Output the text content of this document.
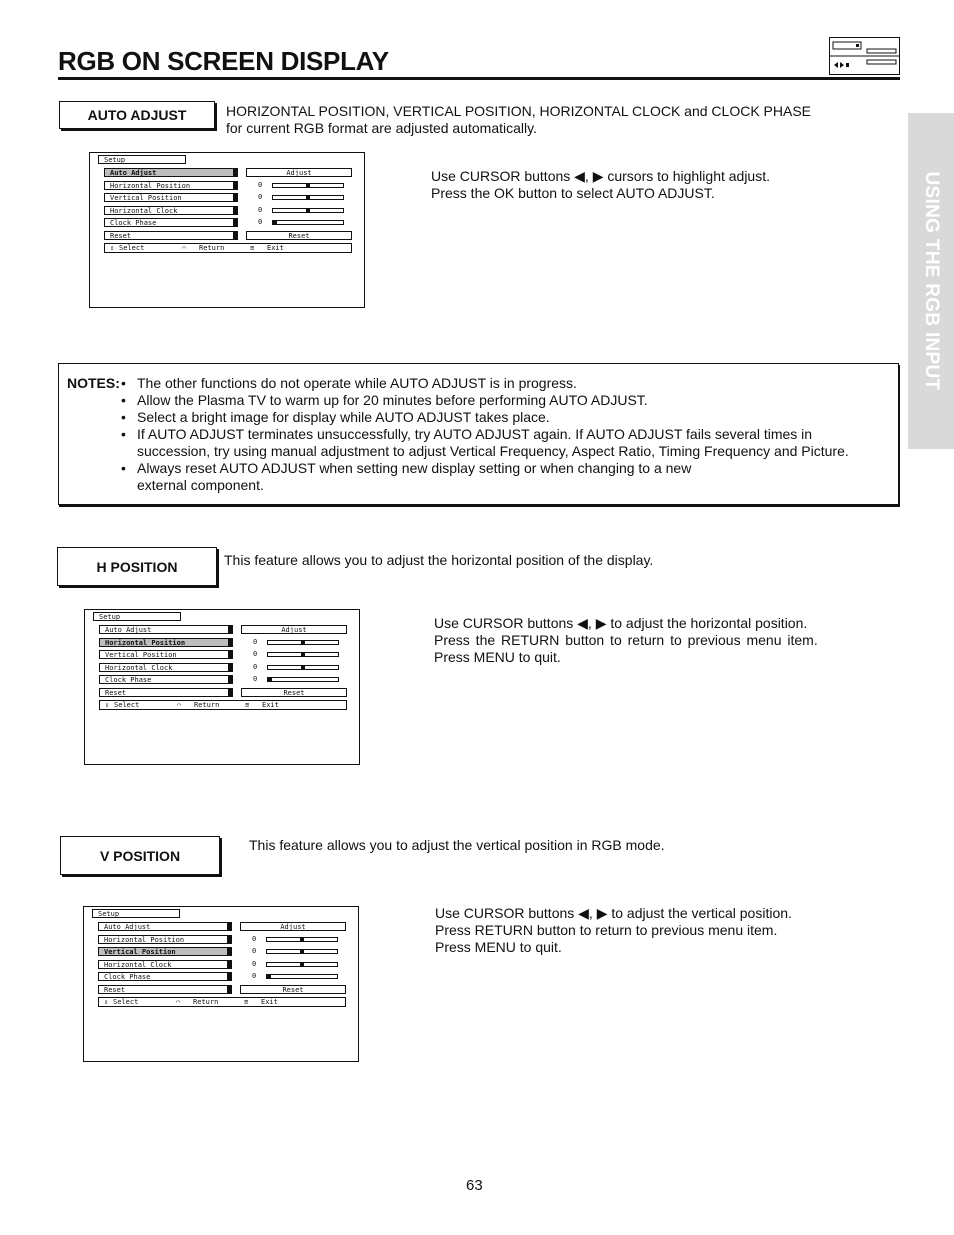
RGB ON SCREEN DISPLAY
USING THE RGB INPUT
AUTO ADJUST	HORIZONTAL POSITION, VERTICAL POSITION, HORIZONTAL CLOCK and CLOCK PHASE
for current RGB format are adjusted automatically.
Use CURSOR buttons ◀, ▶ cursors to highlight adjust.
Press the OK button to select AUTO ADJUST.
Setup
Auto Adjust	Adjust
Horizontal Position	0
Vertical Position	0
Horizontal Clock	0
Clock Phase	0
Reset	Reset
⇕ Select	⌒ Return	≡ Exit
NOTES: • The other functions do not operate while AUTO ADJUST is in progress.
• Allow the Plasma TV to warm up for 20 minutes before performing AUTO ADJUST.
• Select a bright image for display while AUTO ADJUST takes place.
• If AUTO ADJUST terminates unsuccessfully, try AUTO ADJUST again. If AUTO ADJUST fails several times in
succession, try using manual adjustment to adjust Vertical Frequency, Aspect Ratio, Timing Frequency and Picture.
• Always reset AUTO ADJUST when setting new display setting or when changing to a new
external component.
H POSITION	This feature allows you to adjust the horizontal position of the display.
Use CURSOR buttons ◀, ▶ to adjust the horizontal position.
Press the RETURN button to return to previous menu item.
Press MENU to quit.
Setup
Auto Adjust	Adjust
Horizontal Position	0
Vertical Position	0
Horizontal Clock	0
Clock Phase	0
Reset	Reset
⇕ Select	⌒ Return	≡ Exit
V POSITION
This feature allows you to adjust the vertical position in RGB mode.
Use CURSOR buttons ◀, ▶ to adjust the vertical position.
Press RETURN button to return to previous menu item.
Press MENU to quit.
Setup
Auto Adjust	Adjust
Horizontal Position	0
Vertical Position	0
Horizontal Clock	0
Clock Phase	0
Reset	Reset
⇕ Select	⌒ Return	≡ Exit
63
